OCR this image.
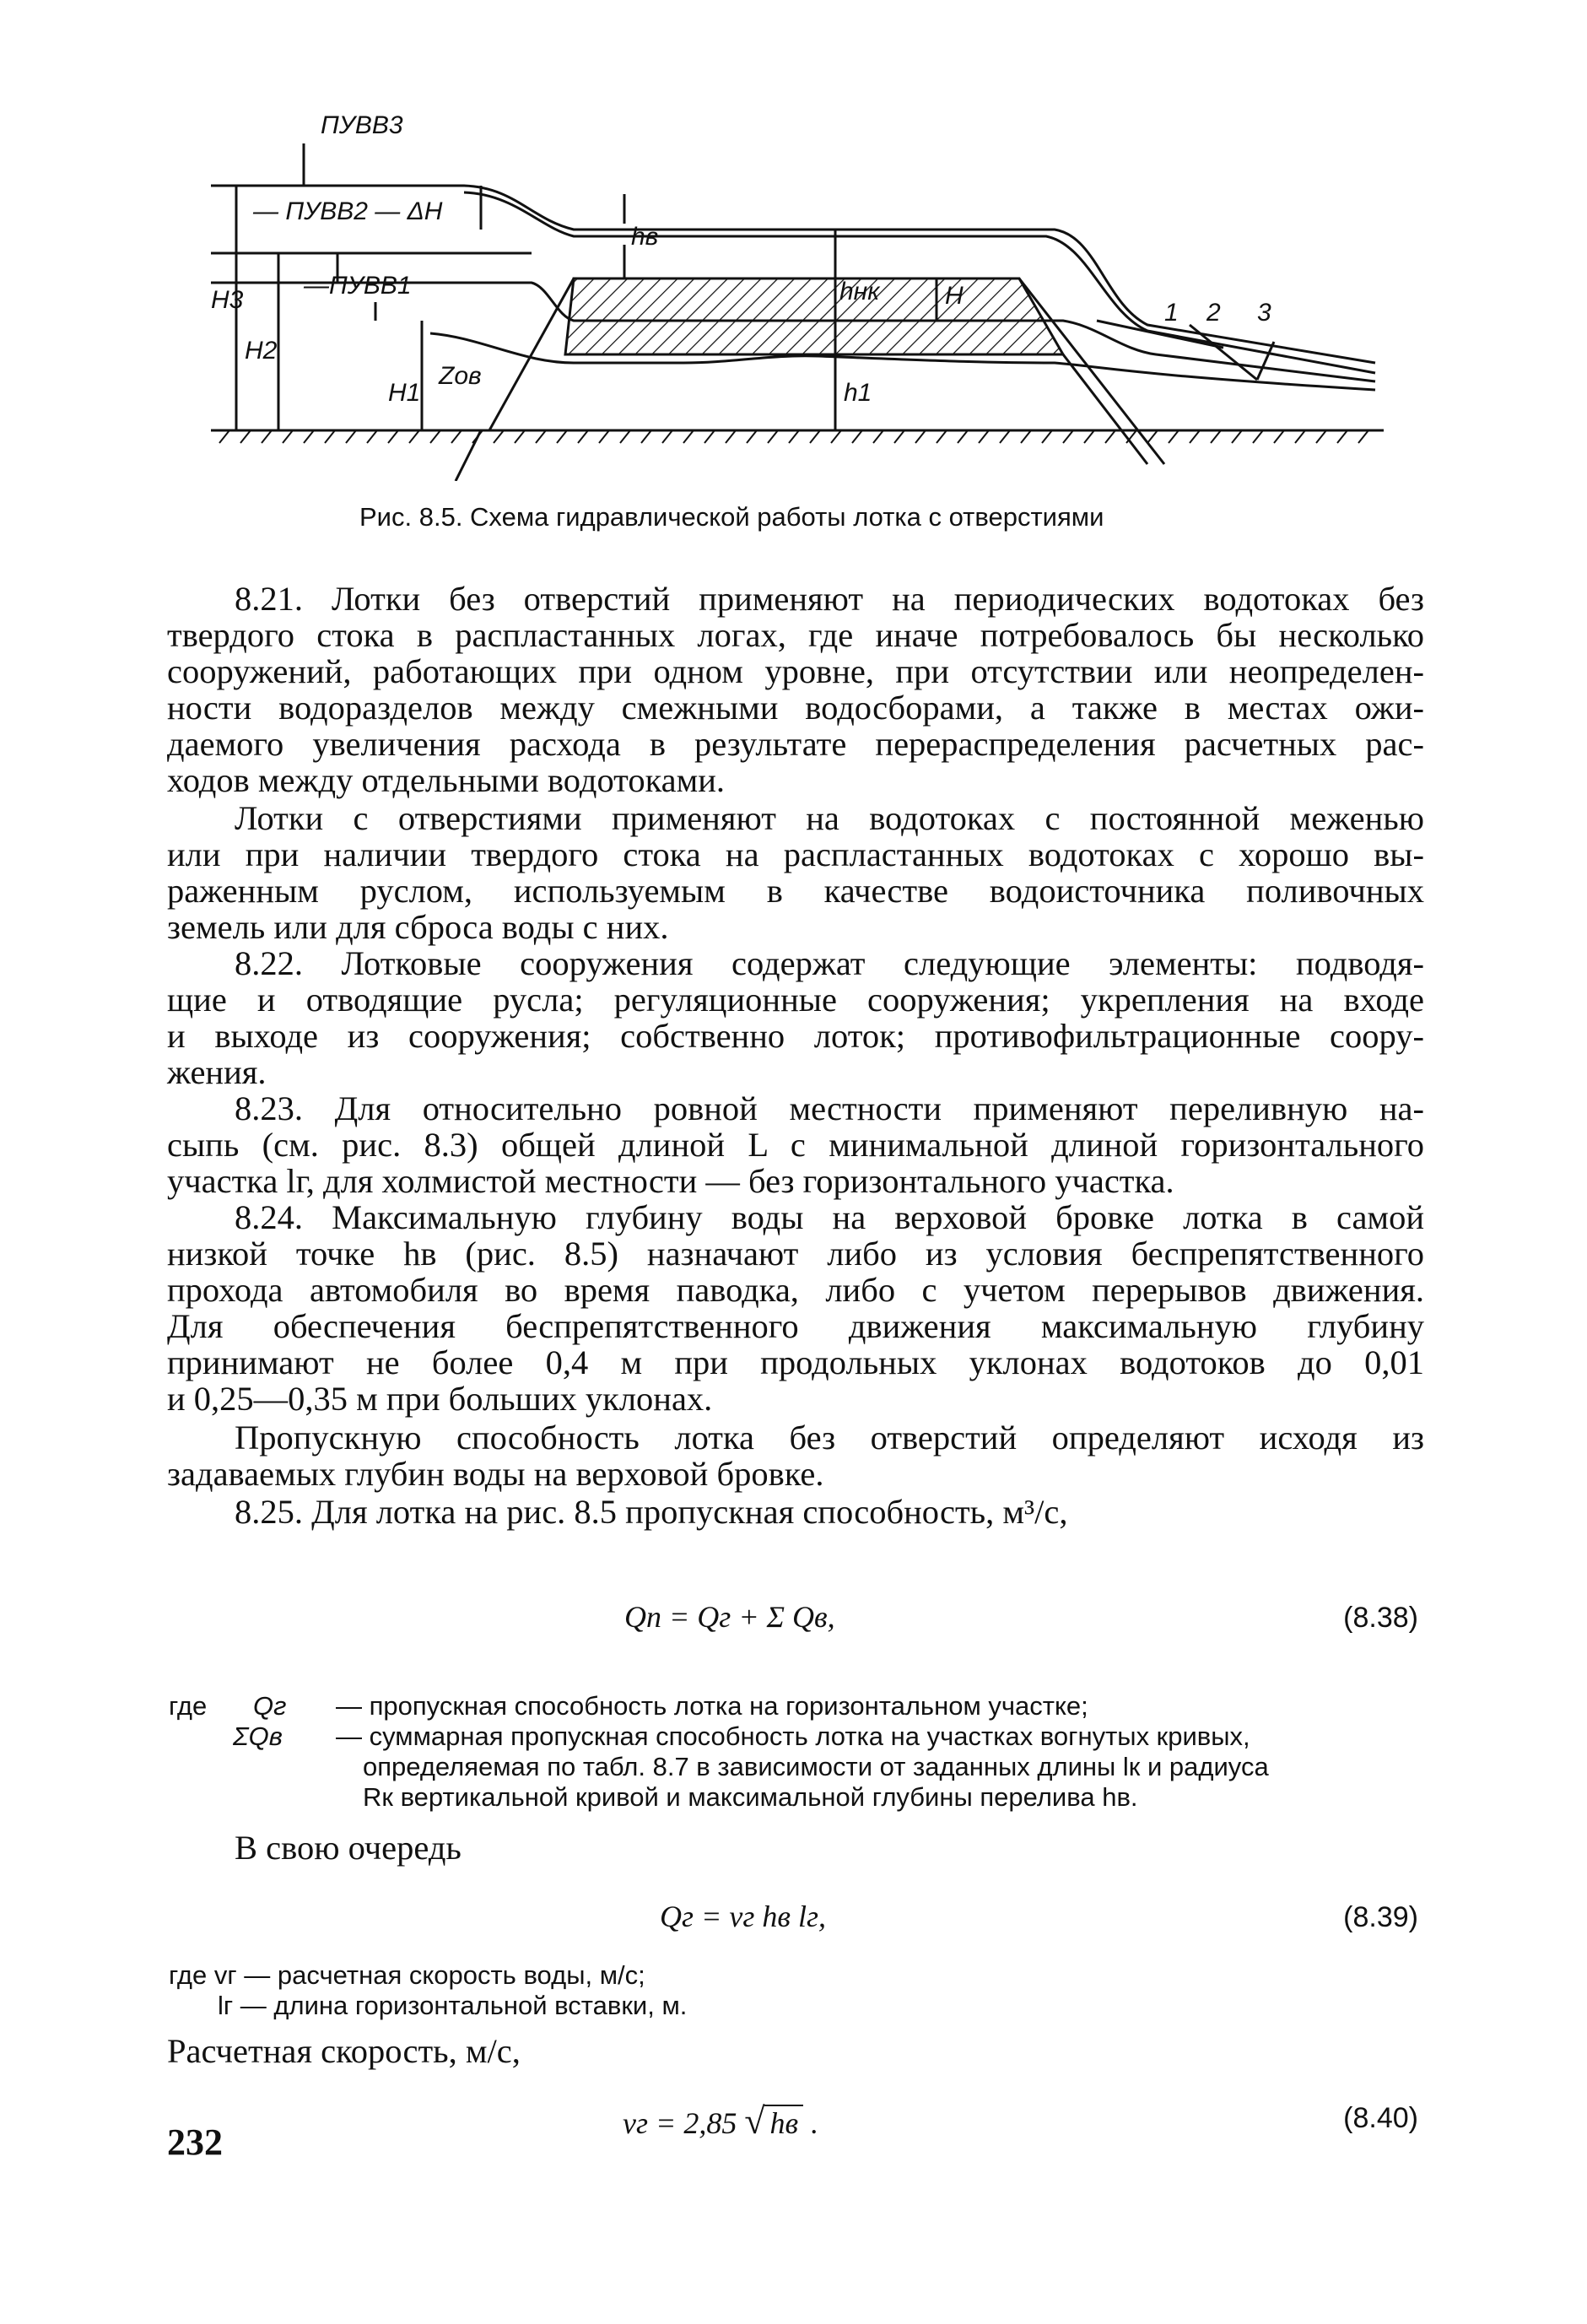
ПУВВ3
— ПУВВ2 — ΔН
—ПУВВ1
hв
hнк	Н
h1
Н3
Н2
Н1
Zов
1 2 3
Рис. 8.5. Схема гидравлической работы лотка с отверстиями
8.21. Лотки без отверстий применяют на периодических водотоках без
твердого стока в распластанных логах, где иначе потребовалось бы несколько
сооружений, работающих при одном уровне, при отсутствии или неопределен-
ности водоразделов между смежными водосборами, а также в местах ожи-
даемого увеличения расхода в результате перераспределения расчетных рас-
ходов между отдельными водотоками.
Лотки с отверстиями применяют на водотоках с постоянной меженью
или при наличии твердого стока на распластанных водотоках с хорошо вы-
раженным руслом, используемым в качестве водоисточника поливочных
земель или для сброса воды с них.
8.22. Лотковые сооружения содержат следующие элементы: подводя-
щие и отводящие русла; регуляционные сооружения; укрепления на входе
и выходе из сооружения; собственно лоток; противофильтрационные соору-
жения.
8.23. Для относительно ровной местности применяют переливную на-
сыпь (см. рис. 8.3) общей длиной L с минимальной длиной горизонтального
участка lг, для холмистой местности — без горизонтального участка.
8.24. Максимальную глубину воды на верховой бровке лотка в самой
низкой точке hв (рис. 8.5) назначают либо из условия беспрепятственного
прохода автомобиля во время паводка, либо с учетом перерывов движения.
Для обеспечения беспрепятственного движения максимальную глубину
принимают не более 0,4 м при продольных уклонах водотоков до 0,01
и 0,25—0,35 м при больших уклонах.
Пропускную способность лотка без отверстий определяют исходя из
задаваемых глубин воды на верховой бровке.
8.25. Для лотка на рис. 8.5 пропускная способность, м³/с,
Qп = Qг + Σ Qв,	(8.38)
где Qг — пропускная способность лотка на горизонтальном участке;
ΣQв — суммарная пропускная способность лотка на участках вогнутых кривых,
определяемая по табл. 8.7 в зависимости от заданных длины lк и радиуса
Rк вертикальной кривой и максимальной глубины перелива hв.
В свою очередь
Qг = vг hв lг,	(8.39)
где vг — расчетная скорость воды, м/с;
lг — длина горизонтальной вставки, м.
Расчетная скорость, м/с,
vг = 2,85 √ hв .	(8.40)
232
